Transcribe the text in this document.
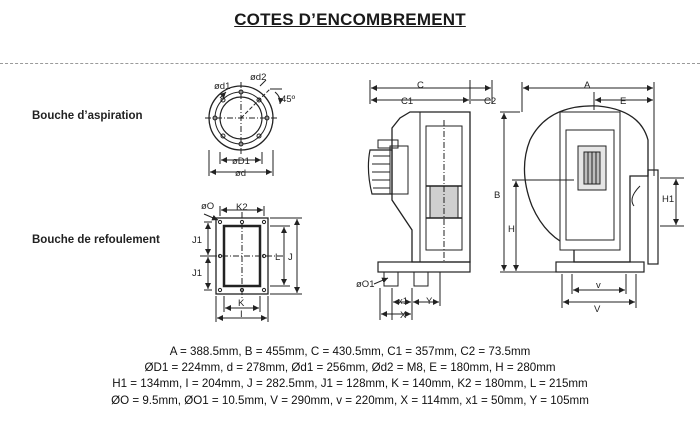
COTES D’ENCOMBREMENT
Bouche d’aspiration
Bouche de refoulement
ød1
ød2
45º
øD1
ød
øO K2
J1
J1
L J
K
I
C
C1	C2
øO1
x1 Y
X
A
E
B
H
H1
v
V
A = 388.5mm, B = 455mm, C = 430.5mm, C1 = 357mm, C2 = 73.5mm
ØD1 = 224mm, d = 278mm, Ød1 = 256mm, Ød2 = M8, E = 180mm, H = 280mm
H1 = 134mm, I = 204mm, J = 282.5mm, J1 = 128mm, K = 140mm, K2 = 180mm, L = 215mm
ØO = 9.5mm, ØO1 = 10.5mm, V = 290mm, v = 220mm, X = 114mm, x1 = 50mm, Y = 105mm
